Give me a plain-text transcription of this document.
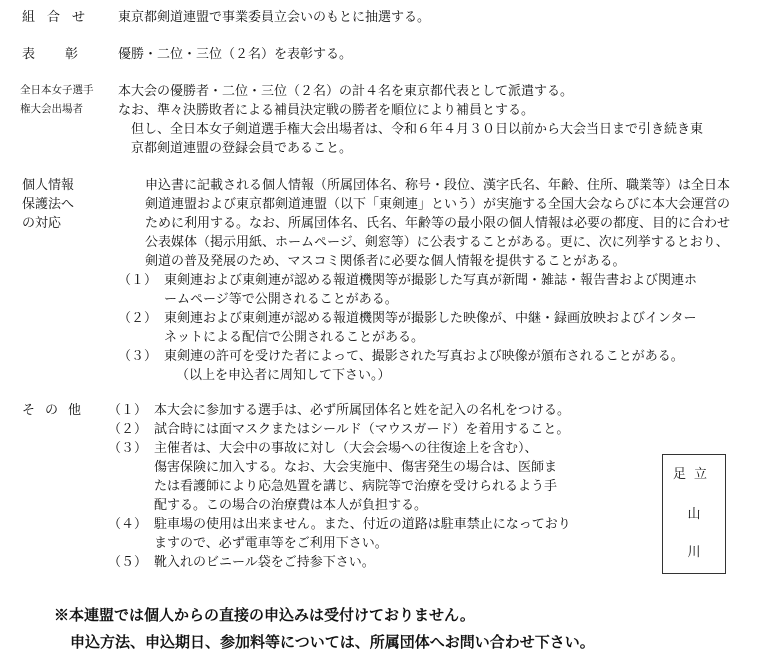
組合せ 東京都剣道連盟で事業委員立会いのもとに抽選する。
表彰 優勝・二位・三位（２名）を表彰する。
全日本女子選手
権大会出場者
本大会の優勝者・二位・三位（２名）の計４名を東京都代表として派遣する。
なお、準々決勝敗者による補員決定戦の勝者を順位により補員とする。
但し、全日本女子剣道選手権大会出場者は、令和６年４月３０日以前から大会当日まで引き続き東
京都剣道連盟の登録会員であること。
個人情報
保護法へ
の対応
申込書に記載される個人情報（所属団体名、称号・段位、漢字氏名、年齢、住所、職業等）は全日本
剣道連盟および東京都剣道連盟（以下「東剣連」という）が実施する全国大会ならびに本大会運営の
ために利用する。なお、所属団体名、氏名、年齢等の最小限の個人情報は必要の都度、目的に合わせ
公表媒体（掲示用紙、ホームページ、剣窓等）に公表することがある。更に、次に列挙するとおり、
剣道の普及発展のため、マスコミ関係者に必要な個人情報を提供することがある。
（１） 東剣連および東剣連が認める報道機関等が撮影した写真が新聞・雑誌・報告書および関連ホ
ームページ等で公開されることがある。
（２） 東剣連および東剣連が認める報道機関等が撮影した映像が、中継・録画放映およびインター
ネットによる配信で公開されることがある。
（３） 東剣連の許可を受けた者によって、撮影された写真および映像が頒布されることがある。
（以上を申込者に周知して下さい。）
その他 （１） 本大会に参加する選手は、必ず所属団体名と姓を記入の名札をつける。
（２） 試合時には面マスクまたはシールド（マウスガード）を着用すること。
（３） 主催者は、大会中の事故に対し（大会会場への往復途上を含む）、
傷害保険に加入する。なお、大会実施中、傷害発生の場合は、医師ま
たは看護師により応急処置を講じ、病院等で治療を受けられるよう手
配する。この場合の治療費は本人が負担する。
（４） 駐車場の使用は出来ません。また、付近の道路は駐車禁止になっており
ますので、必ず電車等をご利用下さい。
（５） 靴入れのビニール袋をご持参下さい。
足立
山
川
※本連盟では個人からの直接の申込みは受付けておりません。
申込方法、申込期日、参加料等については、所属団体へお問い合わせ下さい。
